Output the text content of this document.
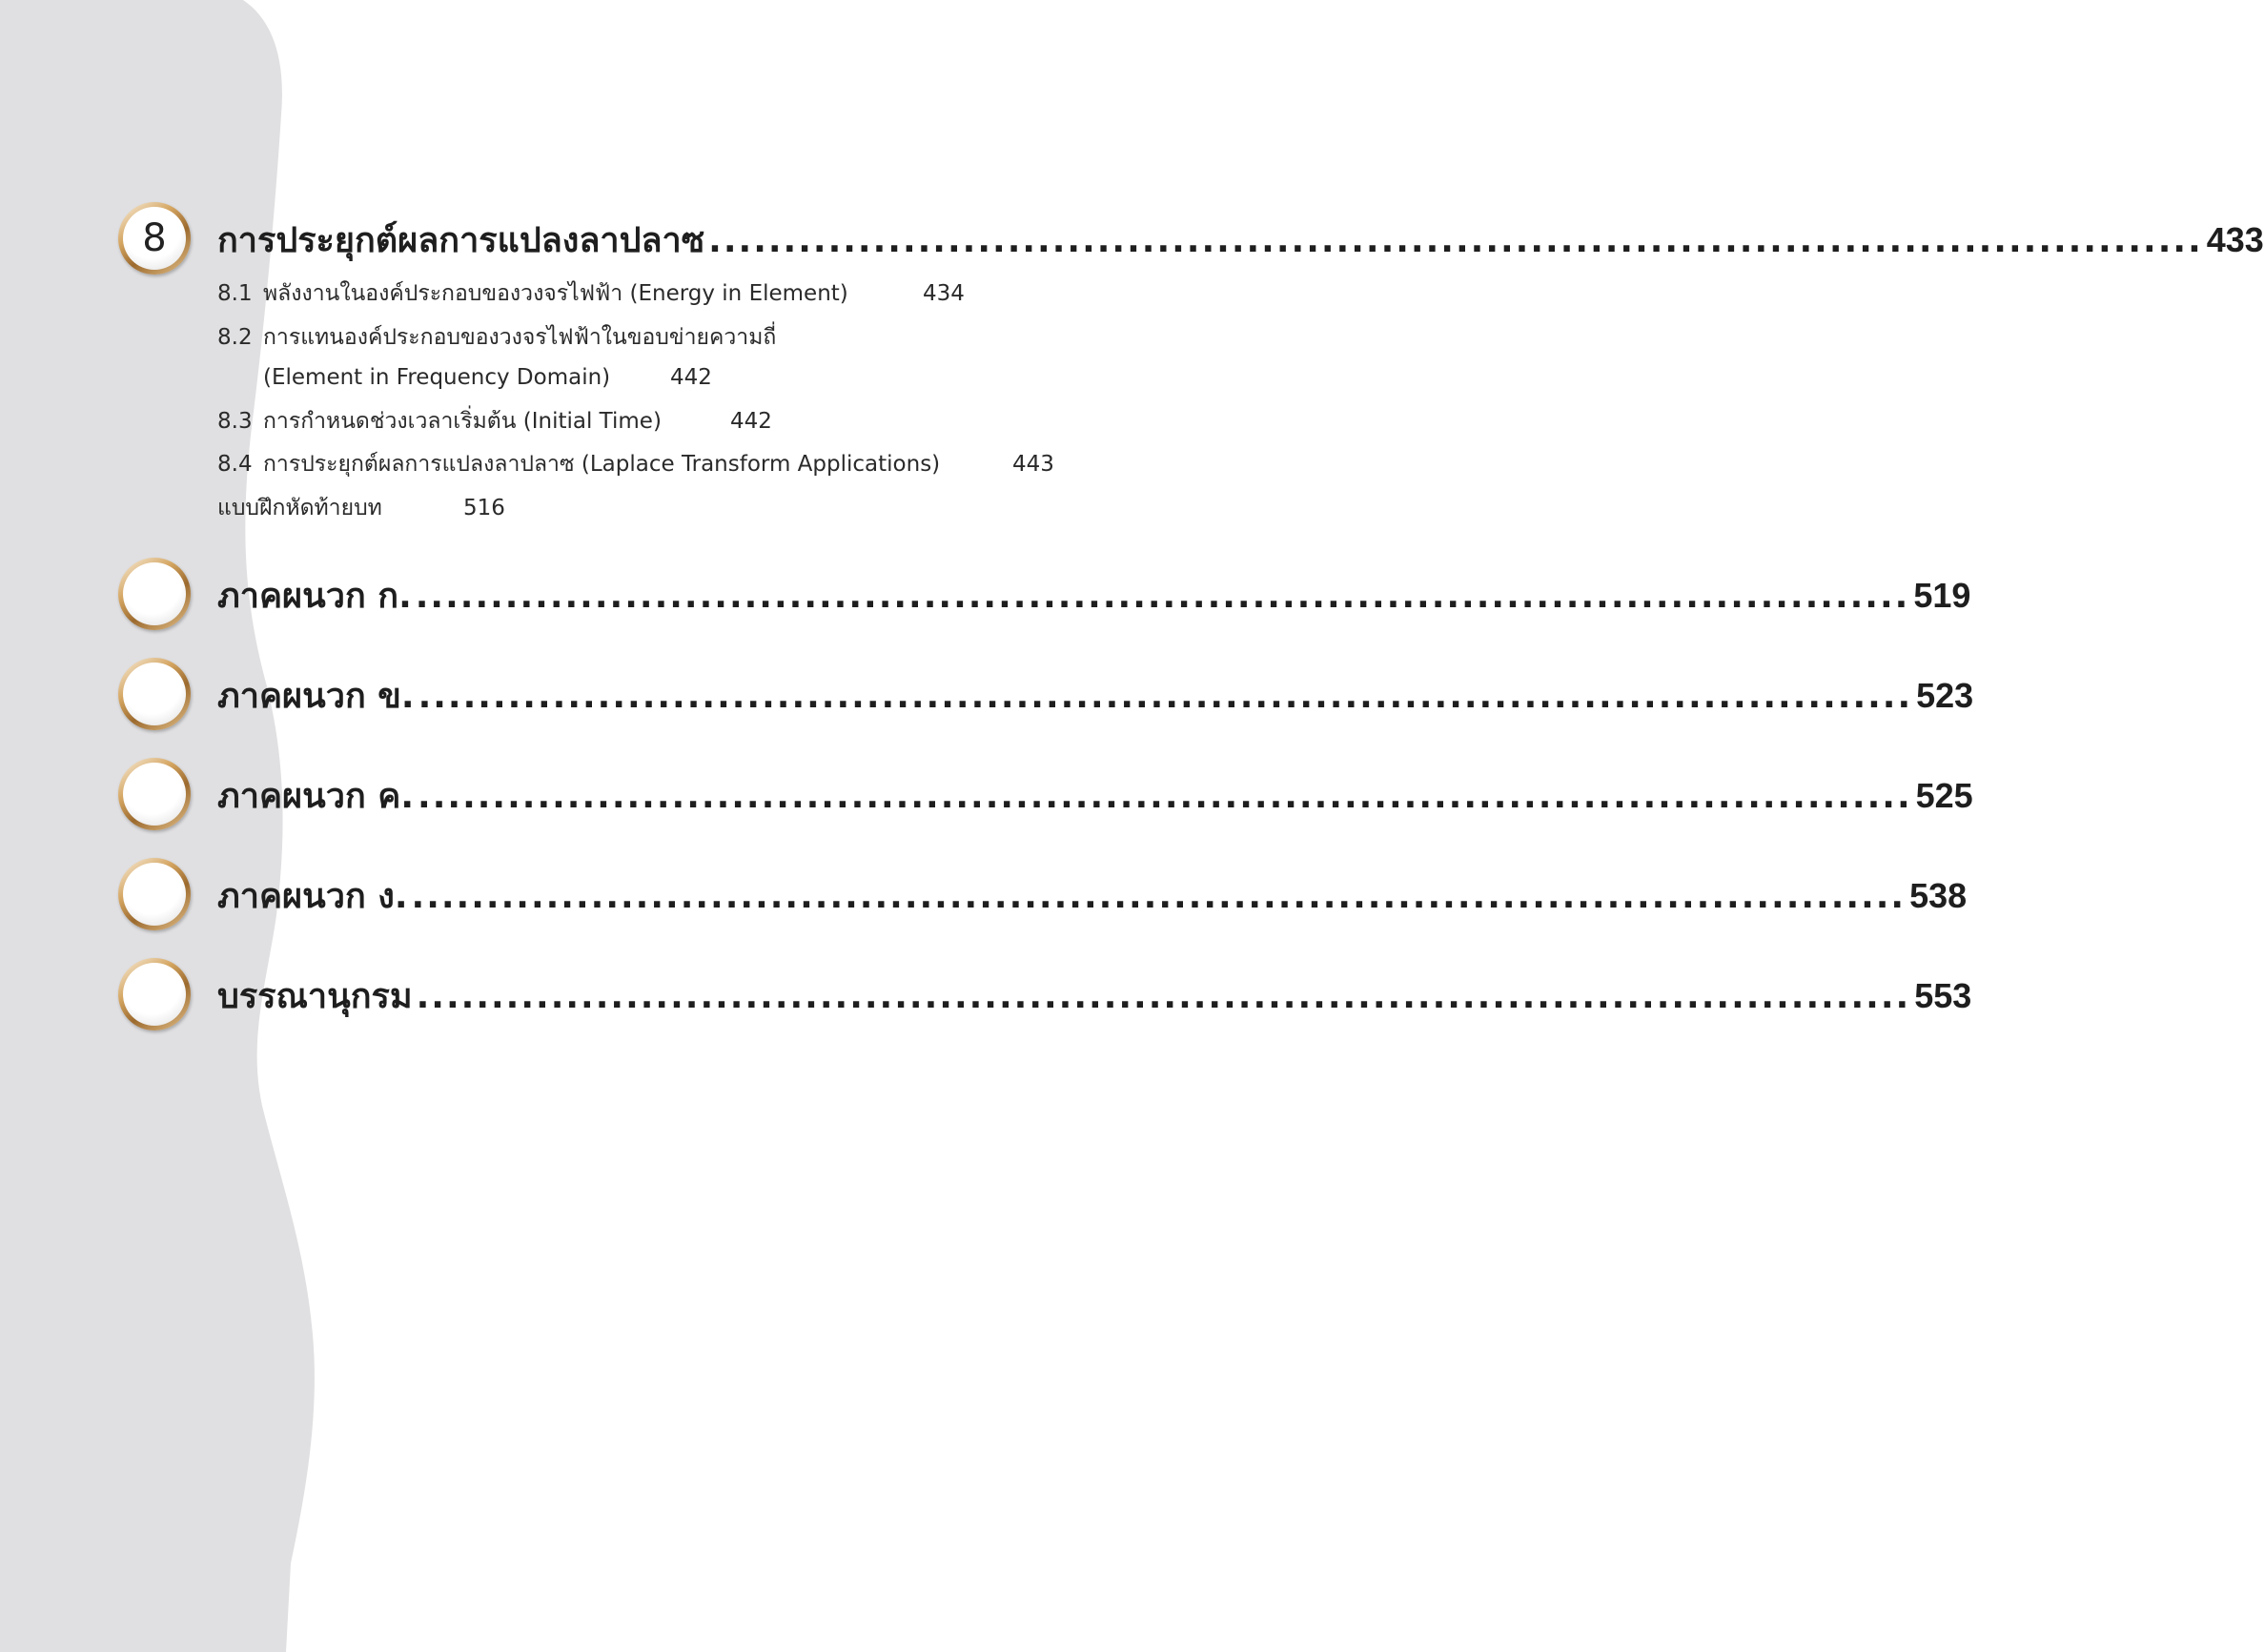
8 การประยุกต์ผลการแปลงลาปลาซ .................................................................................................... 433
8.1 พลังงานในองค์ประกอบของวงจรไฟฟ้า (Energy in Element)	434
8.2 การแทนองค์ประกอบของวงจรไฟฟ้าในขอบข่ายความถี่
(Element in Frequency Domain)	442
8.3 การกำหนดช่วงเวลาเริ่มต้น (Initial Time)	442
8.4 การประยุกต์ผลการแปลงลาปลาซ (Laplace Transform Applications)	443
แบบฝึกหัดท้ายบท	516
ภาคผนวก ก. .................................................................................................... 519
ภาคผนวก ข. .................................................................................................... 523
ภาคผนวก ค. .................................................................................................... 525
ภาคผนวก ง. .................................................................................................... 538
บรรณานุกรม .................................................................................................... 553
